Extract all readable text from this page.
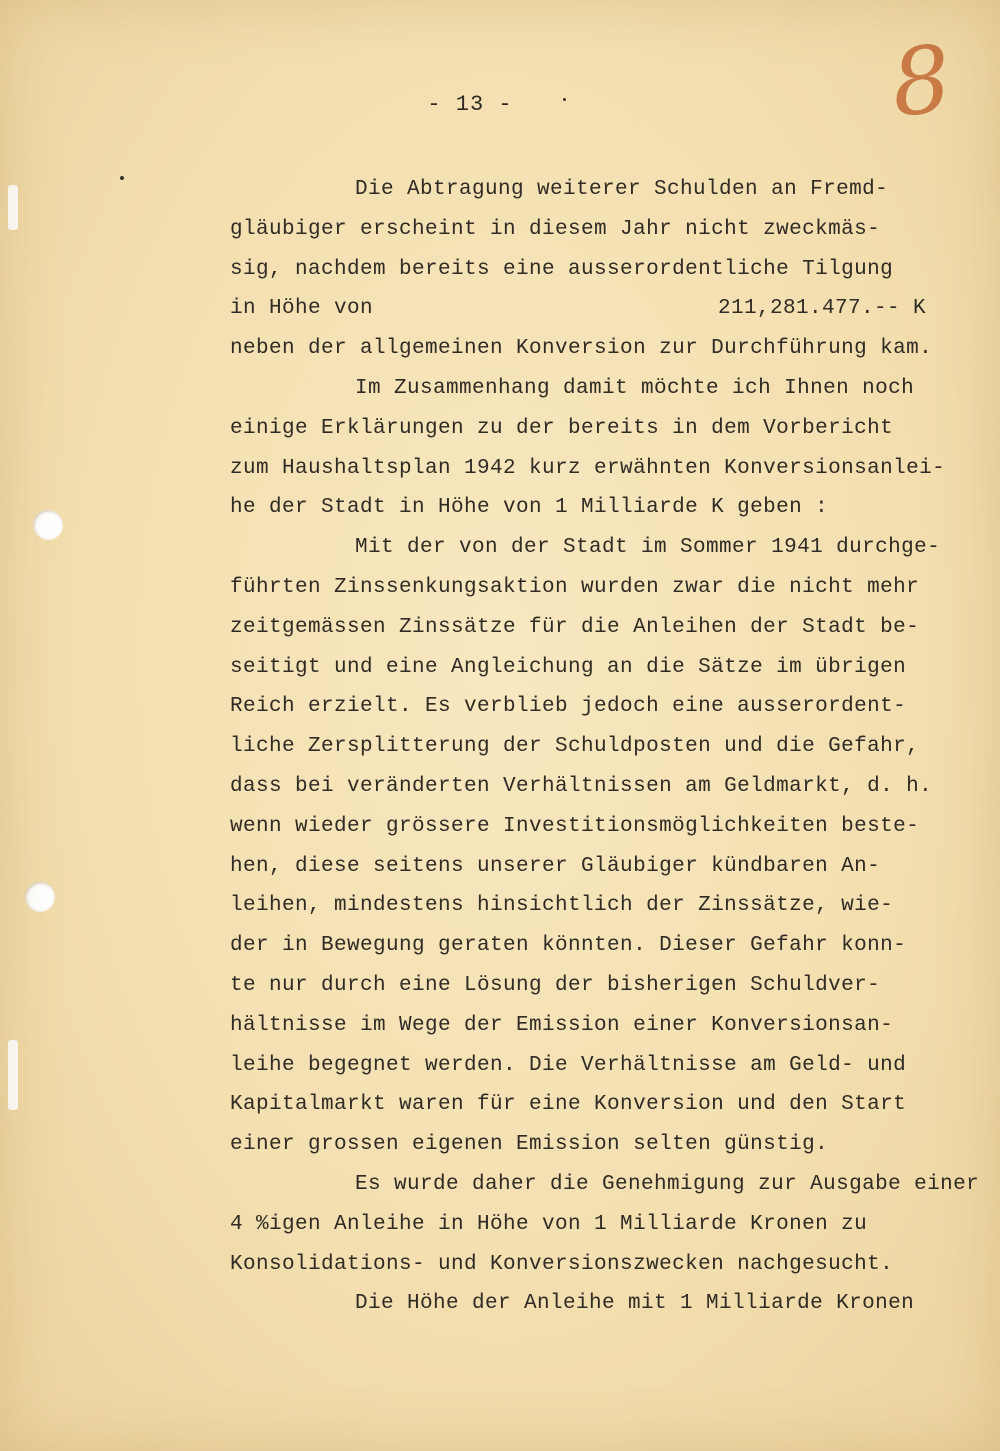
- 13 -	8
Die Abtragung weiterer Schulden an Fremd-
gläubiger erscheint in diesem Jahr nicht zweckmäs-
sig, nachdem bereits eine ausserordentliche Tilgung
in Höhe von	211,281.477.-- K
neben der allgemeinen Konversion zur Durchführung kam.
Im Zusammenhang damit möchte ich Ihnen noch
einige Erklärungen zu der bereits in dem Vorbericht
zum Haushaltsplan 1942 kurz erwähnten Konversionsanlei-
he der Stadt in Höhe von 1 Milliarde K geben :
Mit der von der Stadt im Sommer 1941 durchge-
führten Zinssenkungsaktion wurden zwar die nicht mehr
zeitgemässen Zinssätze für die Anleihen der Stadt be-
seitigt und eine Angleichung an die Sätze im übrigen
Reich erzielt. Es verblieb jedoch eine ausserordent-
liche Zersplitterung der Schuldposten und die Gefahr,
dass bei veränderten Verhältnissen am Geldmarkt, d. h.
wenn wieder grössere Investitionsmöglichkeiten beste-
hen, diese seitens unserer Gläubiger kündbaren An-
leihen, mindestens hinsichtlich der Zinssätze, wie-
der in Bewegung geraten könnten. Dieser Gefahr konn-
te nur durch eine Lösung der bisherigen Schuldver-
hältnisse im Wege der Emission einer Konversionsan-
leihe begegnet werden. Die Verhältnisse am Geld- und
Kapitalmarkt waren für eine Konversion und den Start
einer grossen eigenen Emission selten günstig.
Es wurde daher die Genehmigung zur Ausgabe einer
4 %igen Anleihe in Höhe von 1 Milliarde Kronen zu
Konsolidations- und Konversionszwecken nachgesucht.
Die Höhe der Anleihe mit 1 Milliarde Kronen
